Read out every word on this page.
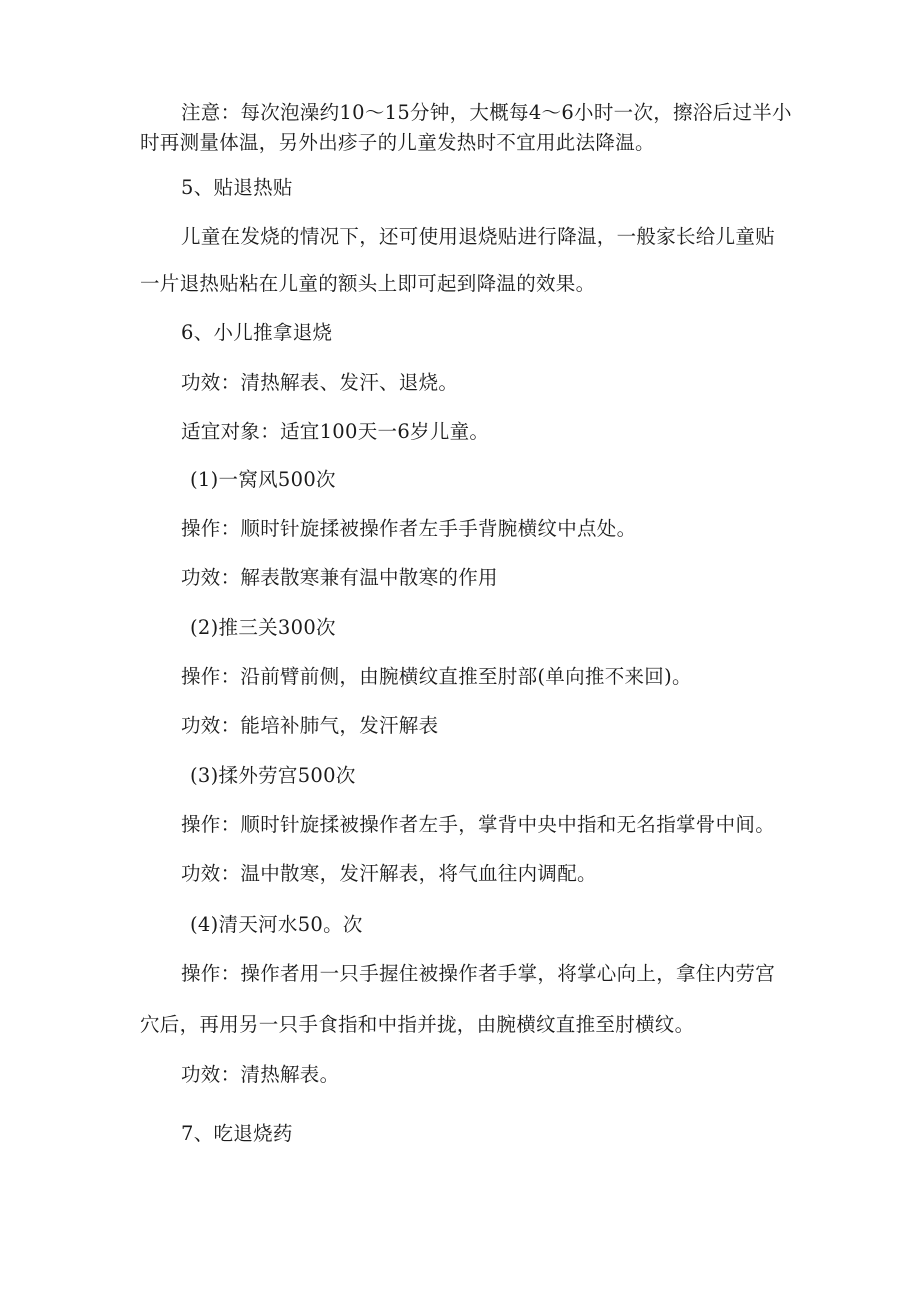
注意：每次泡澡约10～15分钟，大概每4～6小时一次，擦浴后过半小
时再测量体温，另外出疹子的儿童发热时不宜用此法降温。
5、贴退热贴
儿童在发烧的情况下，还可使用退烧贴进行降温，一般家长给儿童贴
一片退热贴粘在儿童的额头上即可起到降温的效果。
6、小儿推拿退烧
功效：清热解表、发汗、退烧。
适宜对象：适宜100天一6岁儿童。
(1)一窝风500次
操作：顺时针旋揉被操作者左手手背腕横纹中点处。
功效：解表散寒兼有温中散寒的作用
(2)推三关300次
操作：沿前臂前侧，由腕横纹直推至肘部(单向推不来回)。
功效：能培补肺气，发汗解表
(3)揉外劳宫500次
操作：顺时针旋揉被操作者左手，掌背中央中指和无名指掌骨中间。
功效：温中散寒，发汗解表，将气血往内调配。
(4)清天河水50。次
操作：操作者用一只手握住被操作者手掌，将掌心向上，拿住内劳宫
穴后，再用另一只手食指和中指并拢，由腕横纹直推至肘横纹。
功效：清热解表。
7、吃退烧药
